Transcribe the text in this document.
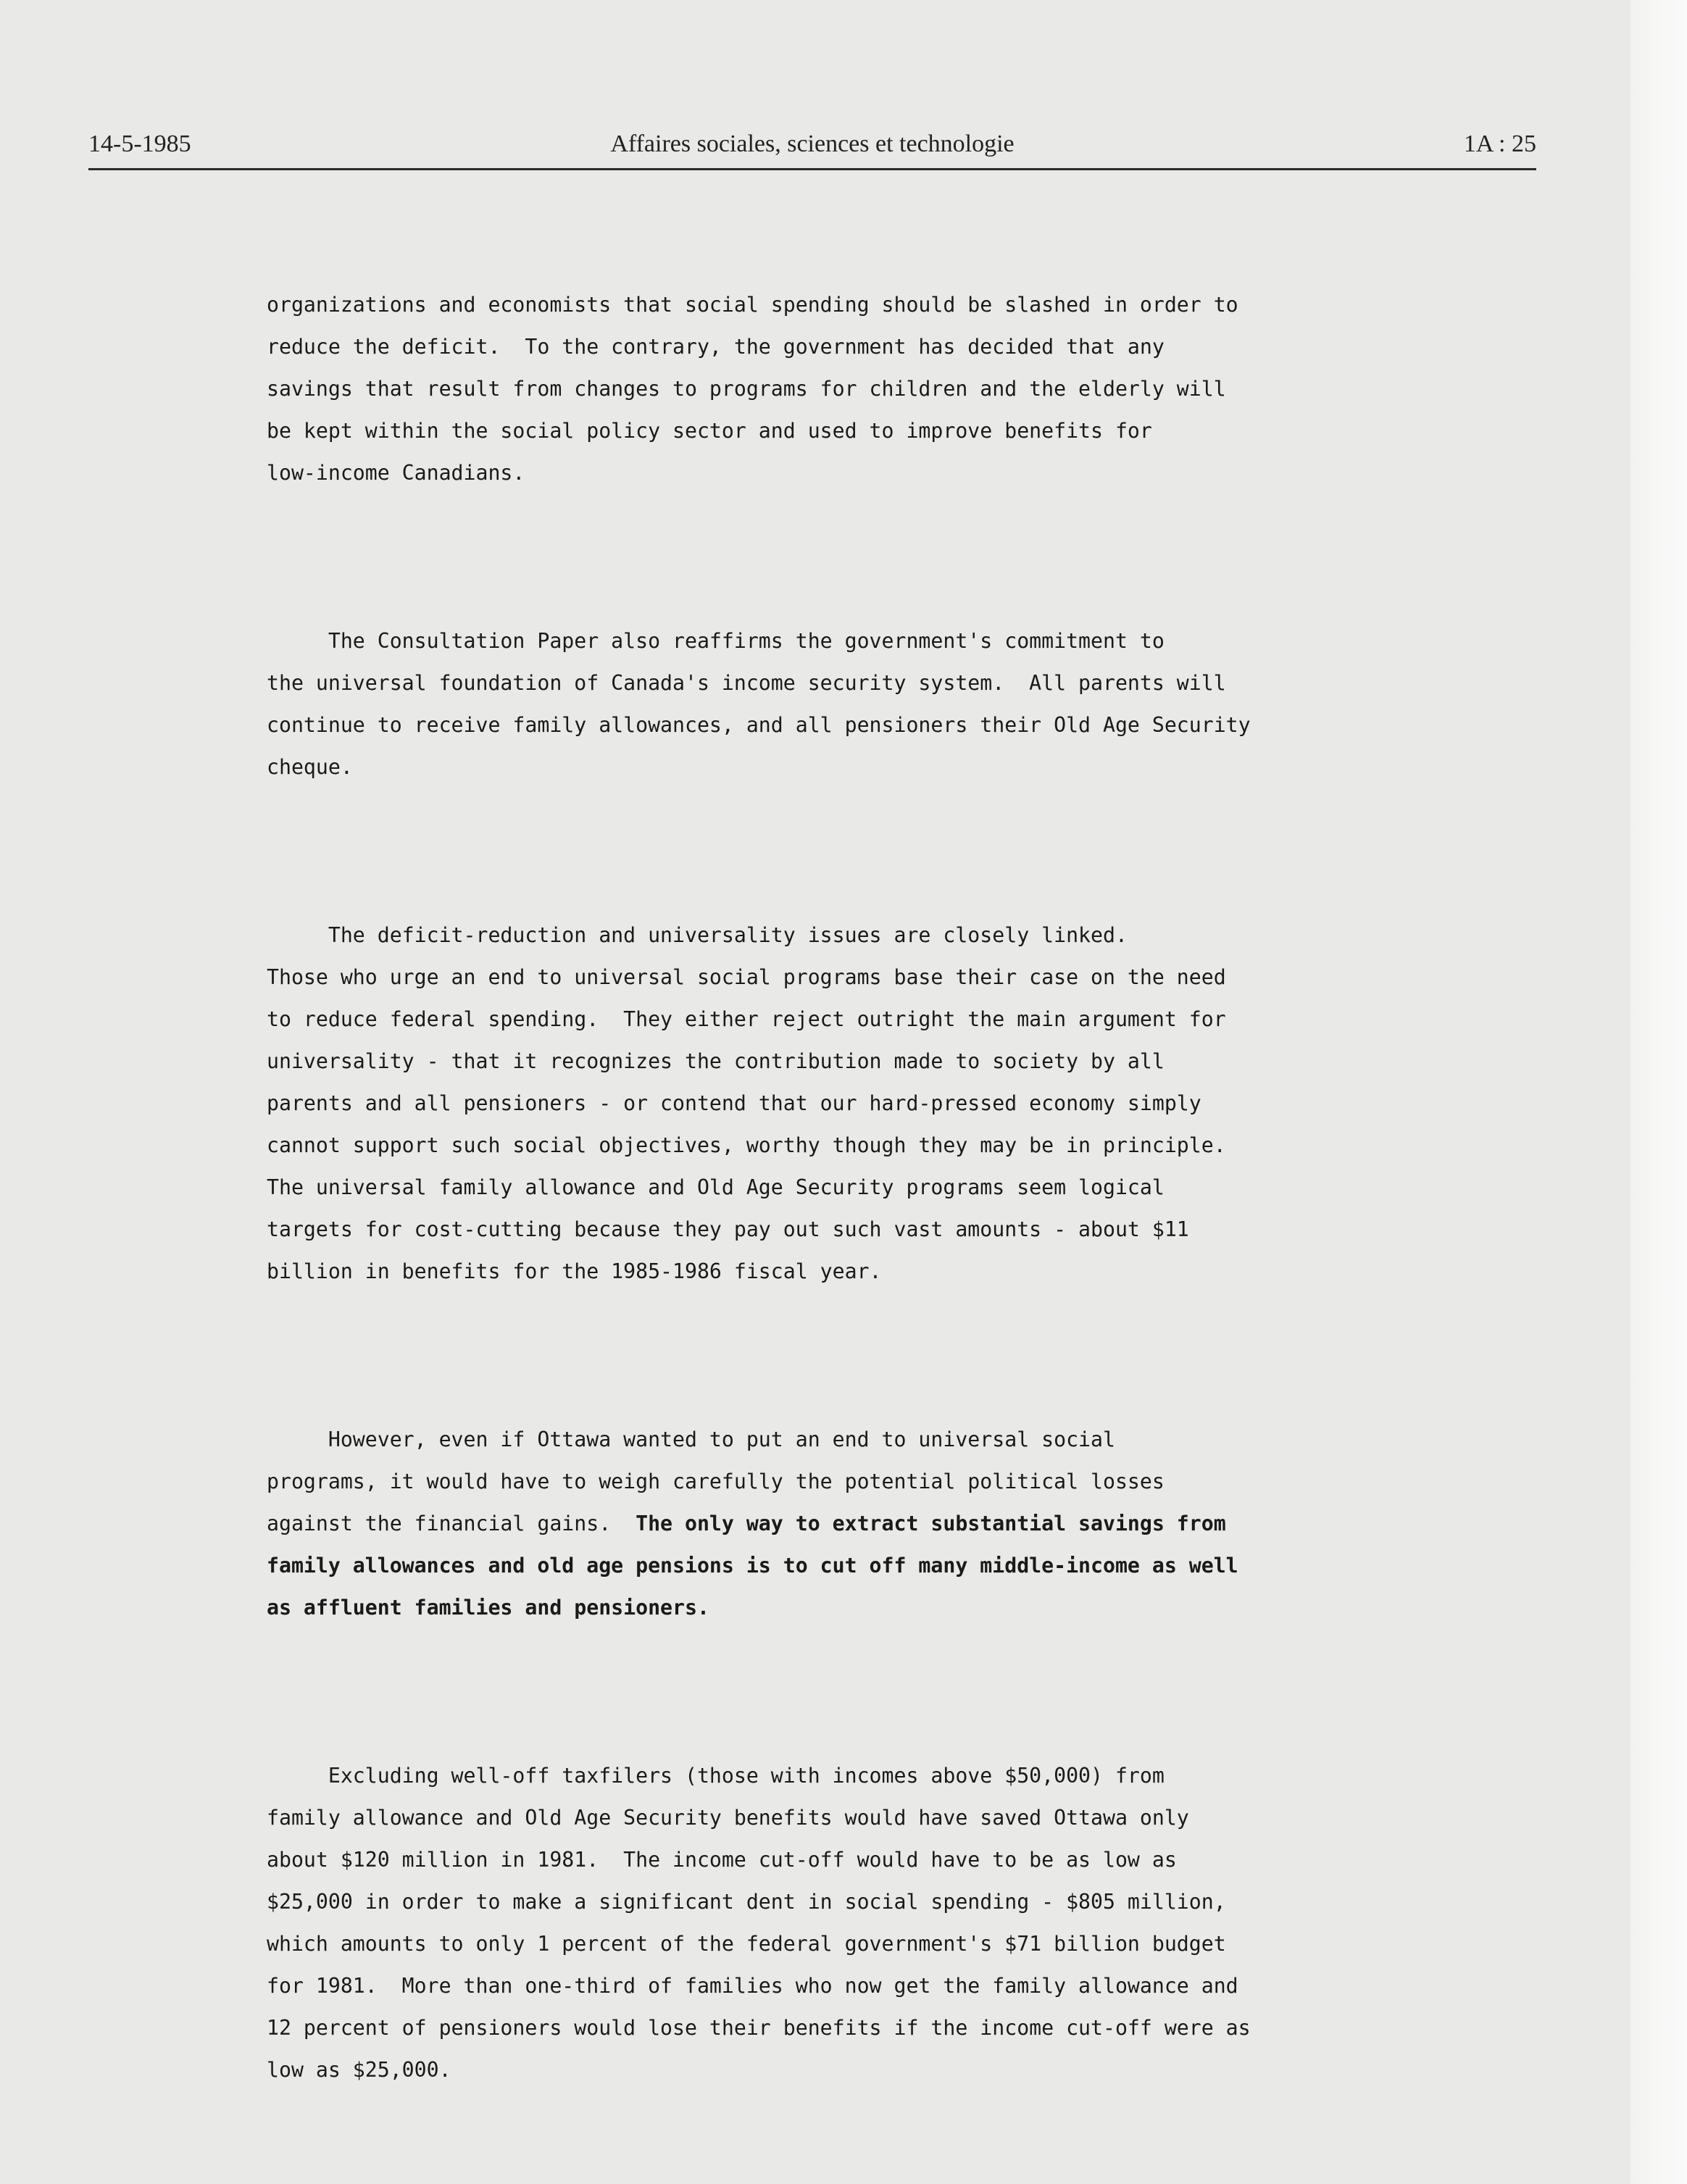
14-5-1985	Affaires sociales, sciences et technologie	1A : 25

organizations and economists that social spending should be slashed in order to
reduce the deficit.  To the contrary, the government has decided that any
savings that result from changes to programs for children and the elderly will
be kept within the social policy sector and used to improve benefits for
low-income Canadians.

The Consultation Paper also reaffirms the government's commitment to
the universal foundation of Canada's income security system.  All parents will
continue to receive family allowances, and all pensioners their Old Age Security
cheque.

The deficit-reduction and universality issues are closely linked.
Those who urge an end to universal social programs base their case on the need
to reduce federal spending.  They either reject outright the main argument for
universality - that it recognizes the contribution made to society by all
parents and all pensioners - or contend that our hard-pressed economy simply
cannot support such social objectives, worthy though they may be in principle.
The universal family allowance and Old Age Security programs seem logical
targets for cost-cutting because they pay out such vast amounts - about $11
billion in benefits for the 1985-1986 fiscal year.

However, even if Ottawa wanted to put an end to universal social
programs, it would have to weigh carefully the potential political losses
against the financial gains.  The only way to extract substantial savings from
family allowances and old age pensions is to cut off many middle-income as well
as affluent families and pensioners.

Excluding well-off taxfilers (those with incomes above $50,000) from
family allowance and Old Age Security benefits would have saved Ottawa only
about $120 million in 1981.  The income cut-off would have to be as low as
$25,000 in order to make a significant dent in social spending - $805 million,
which amounts to only 1 percent of the federal government's $71 billion budget
for 1981.  More than one-third of families who now get the family allowance and
12 percent of pensioners would lose their benefits if the income cut-off were as
low as $25,000.
